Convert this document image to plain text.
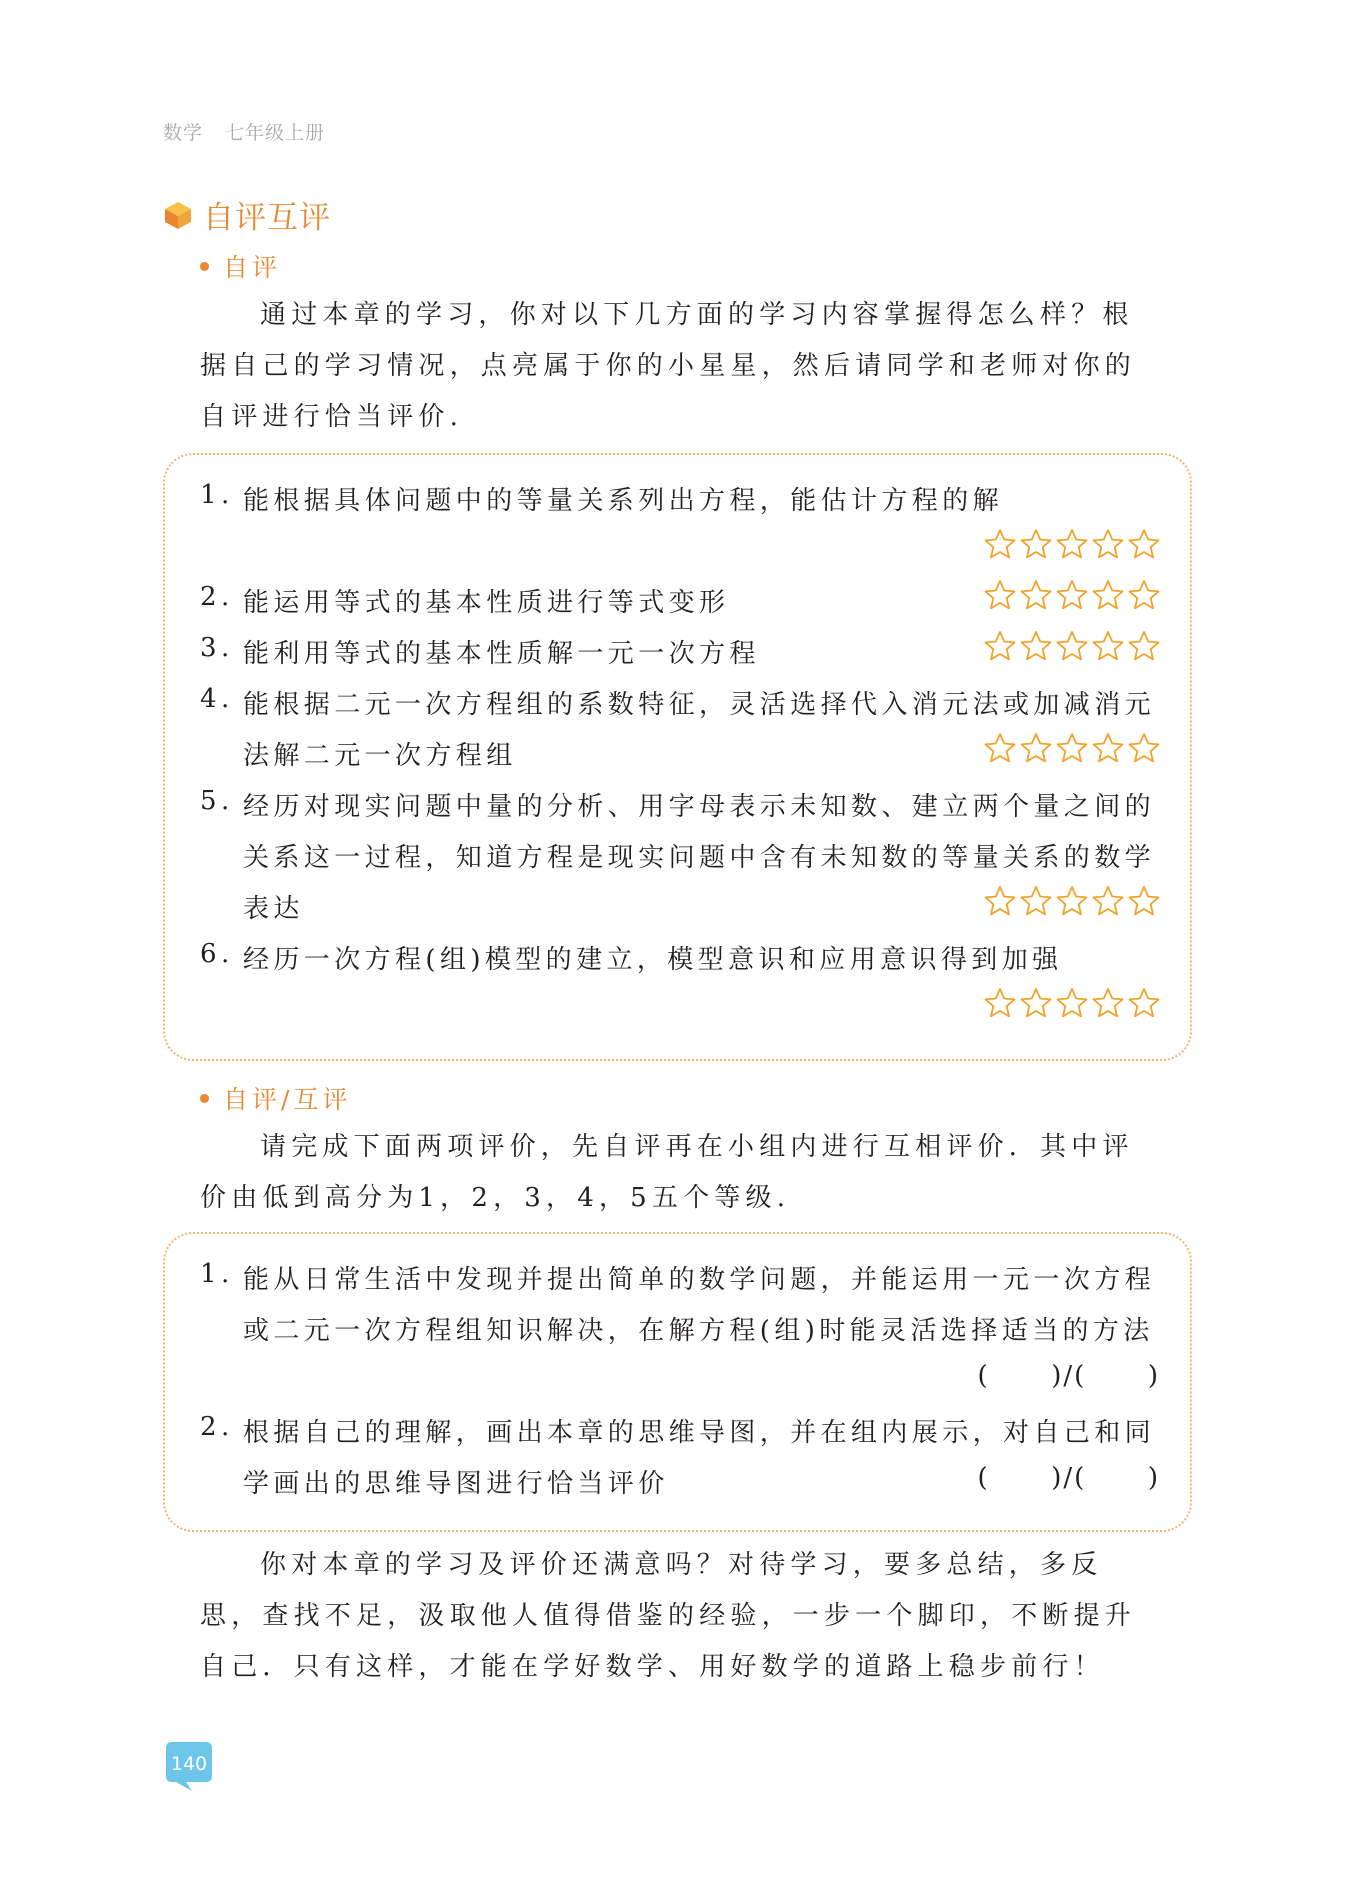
数学 七年级上册
自评互评
自评
通过本章的学习，你对以下几方面的学习内容掌握得怎么样？根据自己的学习情况，点亮属于你的小星星，然后请同学和老师对你的自评进行恰当评价.
1. 能根据具体问题中的等量关系列出方程，能估计方程的解
2. 能运用等式的基本性质进行等式变形
3. 能利用等式的基本性质解一元一次方程
4. 能根据二元一次方程组的系数特征，灵活选择代入消元法或加减消元
法解二元一次方程组
5. 经历对现实问题中量的分析、用字母表示未知数、建立两个量之间的
关系这一过程，知道方程是现实问题中含有未知数的等量关系的数学
表达
6. 经历一次方程(组)模型的建立，模型意识和应用意识得到加强
自评/互评
请完成下面两项评价，先自评再在小组内进行互相评价．其中评价由低到高分为1，2，3，4，5五个等级.
1. 能从日常生活中发现并提出简单的数学问题，并能运用一元一次方程
或二元一次方程组知识解决，在解方程(组)时能灵活选择适当的方法
(      )/(      )
2. 根据自己的理解，画出本章的思维导图，并在组内展示，对自己和同
学画出的思维导图进行恰当评价	(      )/(      )
你对本章的学习及评价还满意吗？对待学习，要多总结，多反思，查找不足，汲取他人值得借鉴的经验，一步一个脚印，不断提升自己．只有这样，才能在学好数学、用好数学的道路上稳步前行！
140
